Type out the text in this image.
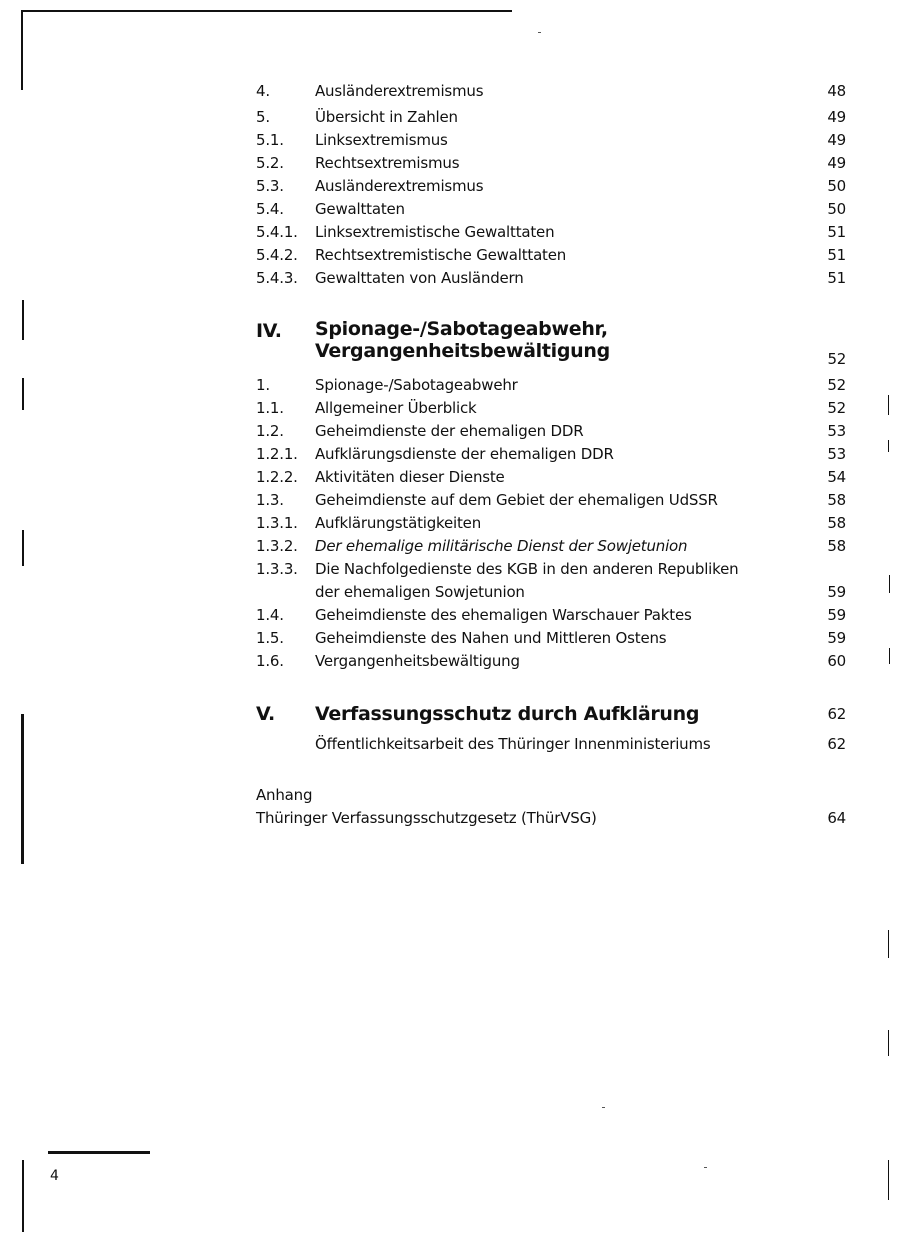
4.	Ausländerextremismus	48
5.	Übersicht in Zahlen	49
5.1. Linksextremismus	49
5.2. Rechtsextremismus	49
5.3. Ausländerextremismus	50
5.4. Gewalttaten	50
5.4.1. Linksextremistische Gewalttaten	51
5.4.2. Rechtsextremistische Gewalttaten	51
5.4.3. Gewalttaten von Ausländern	51
IV. Spionage-/Sabotageabwehr,
Vergangenheitsbewältigung	52
1.	Spionage-/Sabotageabwehr	52
1.1. Allgemeiner Überblick	52
1.2. Geheimdienste der ehemaligen DDR	53
1.2.1. Aufklärungsdienste der ehemaligen DDR	53
1.2.2. Aktivitäten dieser Dienste	54
1.3. Geheimdienste auf dem Gebiet der ehemaligen UdSSR	58
1.3.1. Aufklärungstätigkeiten	58
1.3.2. Der ehemalige militärische Dienst der Sowjetunion	58
1.3.3. Die Nachfolgedienste des KGB in den anderen Republiken
der ehemaligen Sowjetunion	59
1.4. Geheimdienste des ehemaligen Warschauer Paktes	59
1.5. Geheimdienste des Nahen und Mittleren Ostens	59
1.6. Vergangenheitsbewältigung	60
V. Verfassungsschutz durch Aufklärung	62
Öffentlichkeitsarbeit des Thüringer Innenministeriums	62
Anhang
Thüringer Verfassungsschutzgesetz (ThürVSG)	64
4
